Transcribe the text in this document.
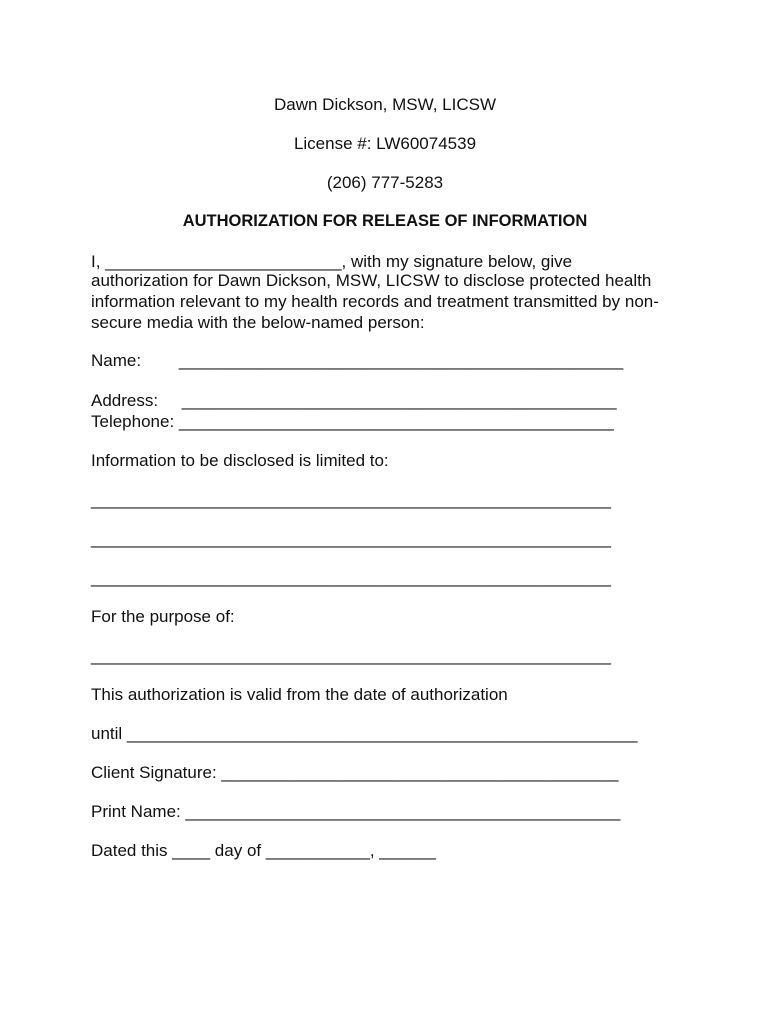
Dawn Dickson, MSW, LICSW
License #: LW60074539
(206) 777-5283
AUTHORIZATION FOR RELEASE OF INFORMATION
I, _________________________, with my signature below, give
authorization for Dawn Dickson, MSW, LICSW to disclose protected health
information relevant to my health records and treatment transmitted by non-
secure media with the below-named person:
Name:        _______________________________________________
Address:     ______________________________________________
Telephone: ______________________________________________
Information to be disclosed is limited to:
_______________________________________________________
_______________________________________________________
_______________________________________________________
For the purpose of:
_______________________________________________________
This authorization is valid from the date of authorization
until ______________________________________________________
Client Signature: __________________________________________
Print Name: ______________________________________________
Dated this ____ day of ___________, ______
